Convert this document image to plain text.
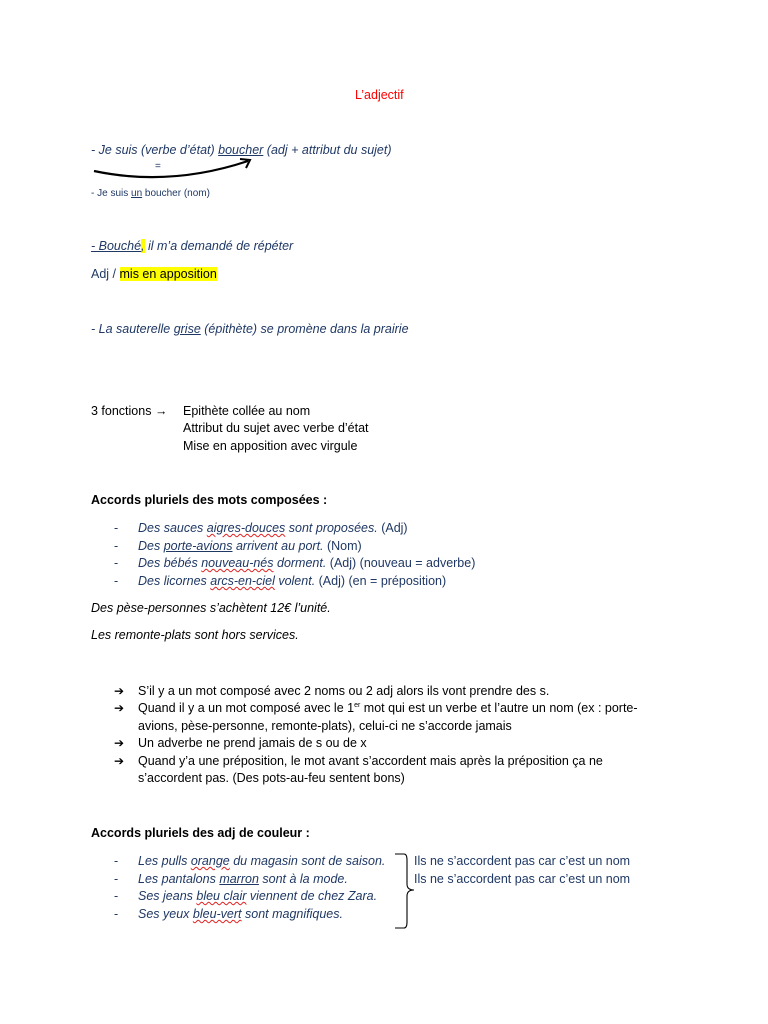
L’adjectif
- Je suis (verbe d’état) boucher (adj + attribut du sujet)
=
- Je suis un boucher (nom)
- Bouché, il m’a demandé de répéter
Adj / mis en apposition
- La sauterelle grise (épithète) se promène dans la prairie
3 fonctions → Epithète collée au nom
Attribut du sujet avec verbe d’état
Mise en apposition avec virgule
Accords pluriels des mots composées :
- Des sauces aigres-douces sont proposées. (Adj)
- Des porte-avions arrivent au port. (Nom)
- Des bébés nouveau-nés dorment. (Adj) (nouveau = adverbe)
- Des licornes arcs-en-ciel volent. (Adj) (en = préposition)
Des pèse-personnes s’achètent 12€ l’unité.
Les remonte-plats sont hors services.
➔ S’il y a un mot composé avec 2 noms ou 2 adj alors ils vont prendre des s.
➔ Quand il y a un mot composé avec le 1er mot qui est un verbe et l’autre un nom (ex : porte-
avions, pèse-personne, remonte-plats), celui-ci ne s’accorde jamais
➔ Un adverbe ne prend jamais de s ou de x
➔ Quand y’a une préposition, le mot avant s’accordent mais après la préposition ça ne
s’accordent pas. (Des pots-au-feu sentent bons)
Accords pluriels des adj de couleur :
- Les pulls orange du magasin sont de saison.
- Les pantalons marron sont à la mode.
- Ses jeans bleu clair viennent de chez Zara.
- Ses yeux bleu-vert sont magnifiques.
Ils ne s’accordent pas car c’est un nom
Ils ne s’accordent pas car c’est un nom
